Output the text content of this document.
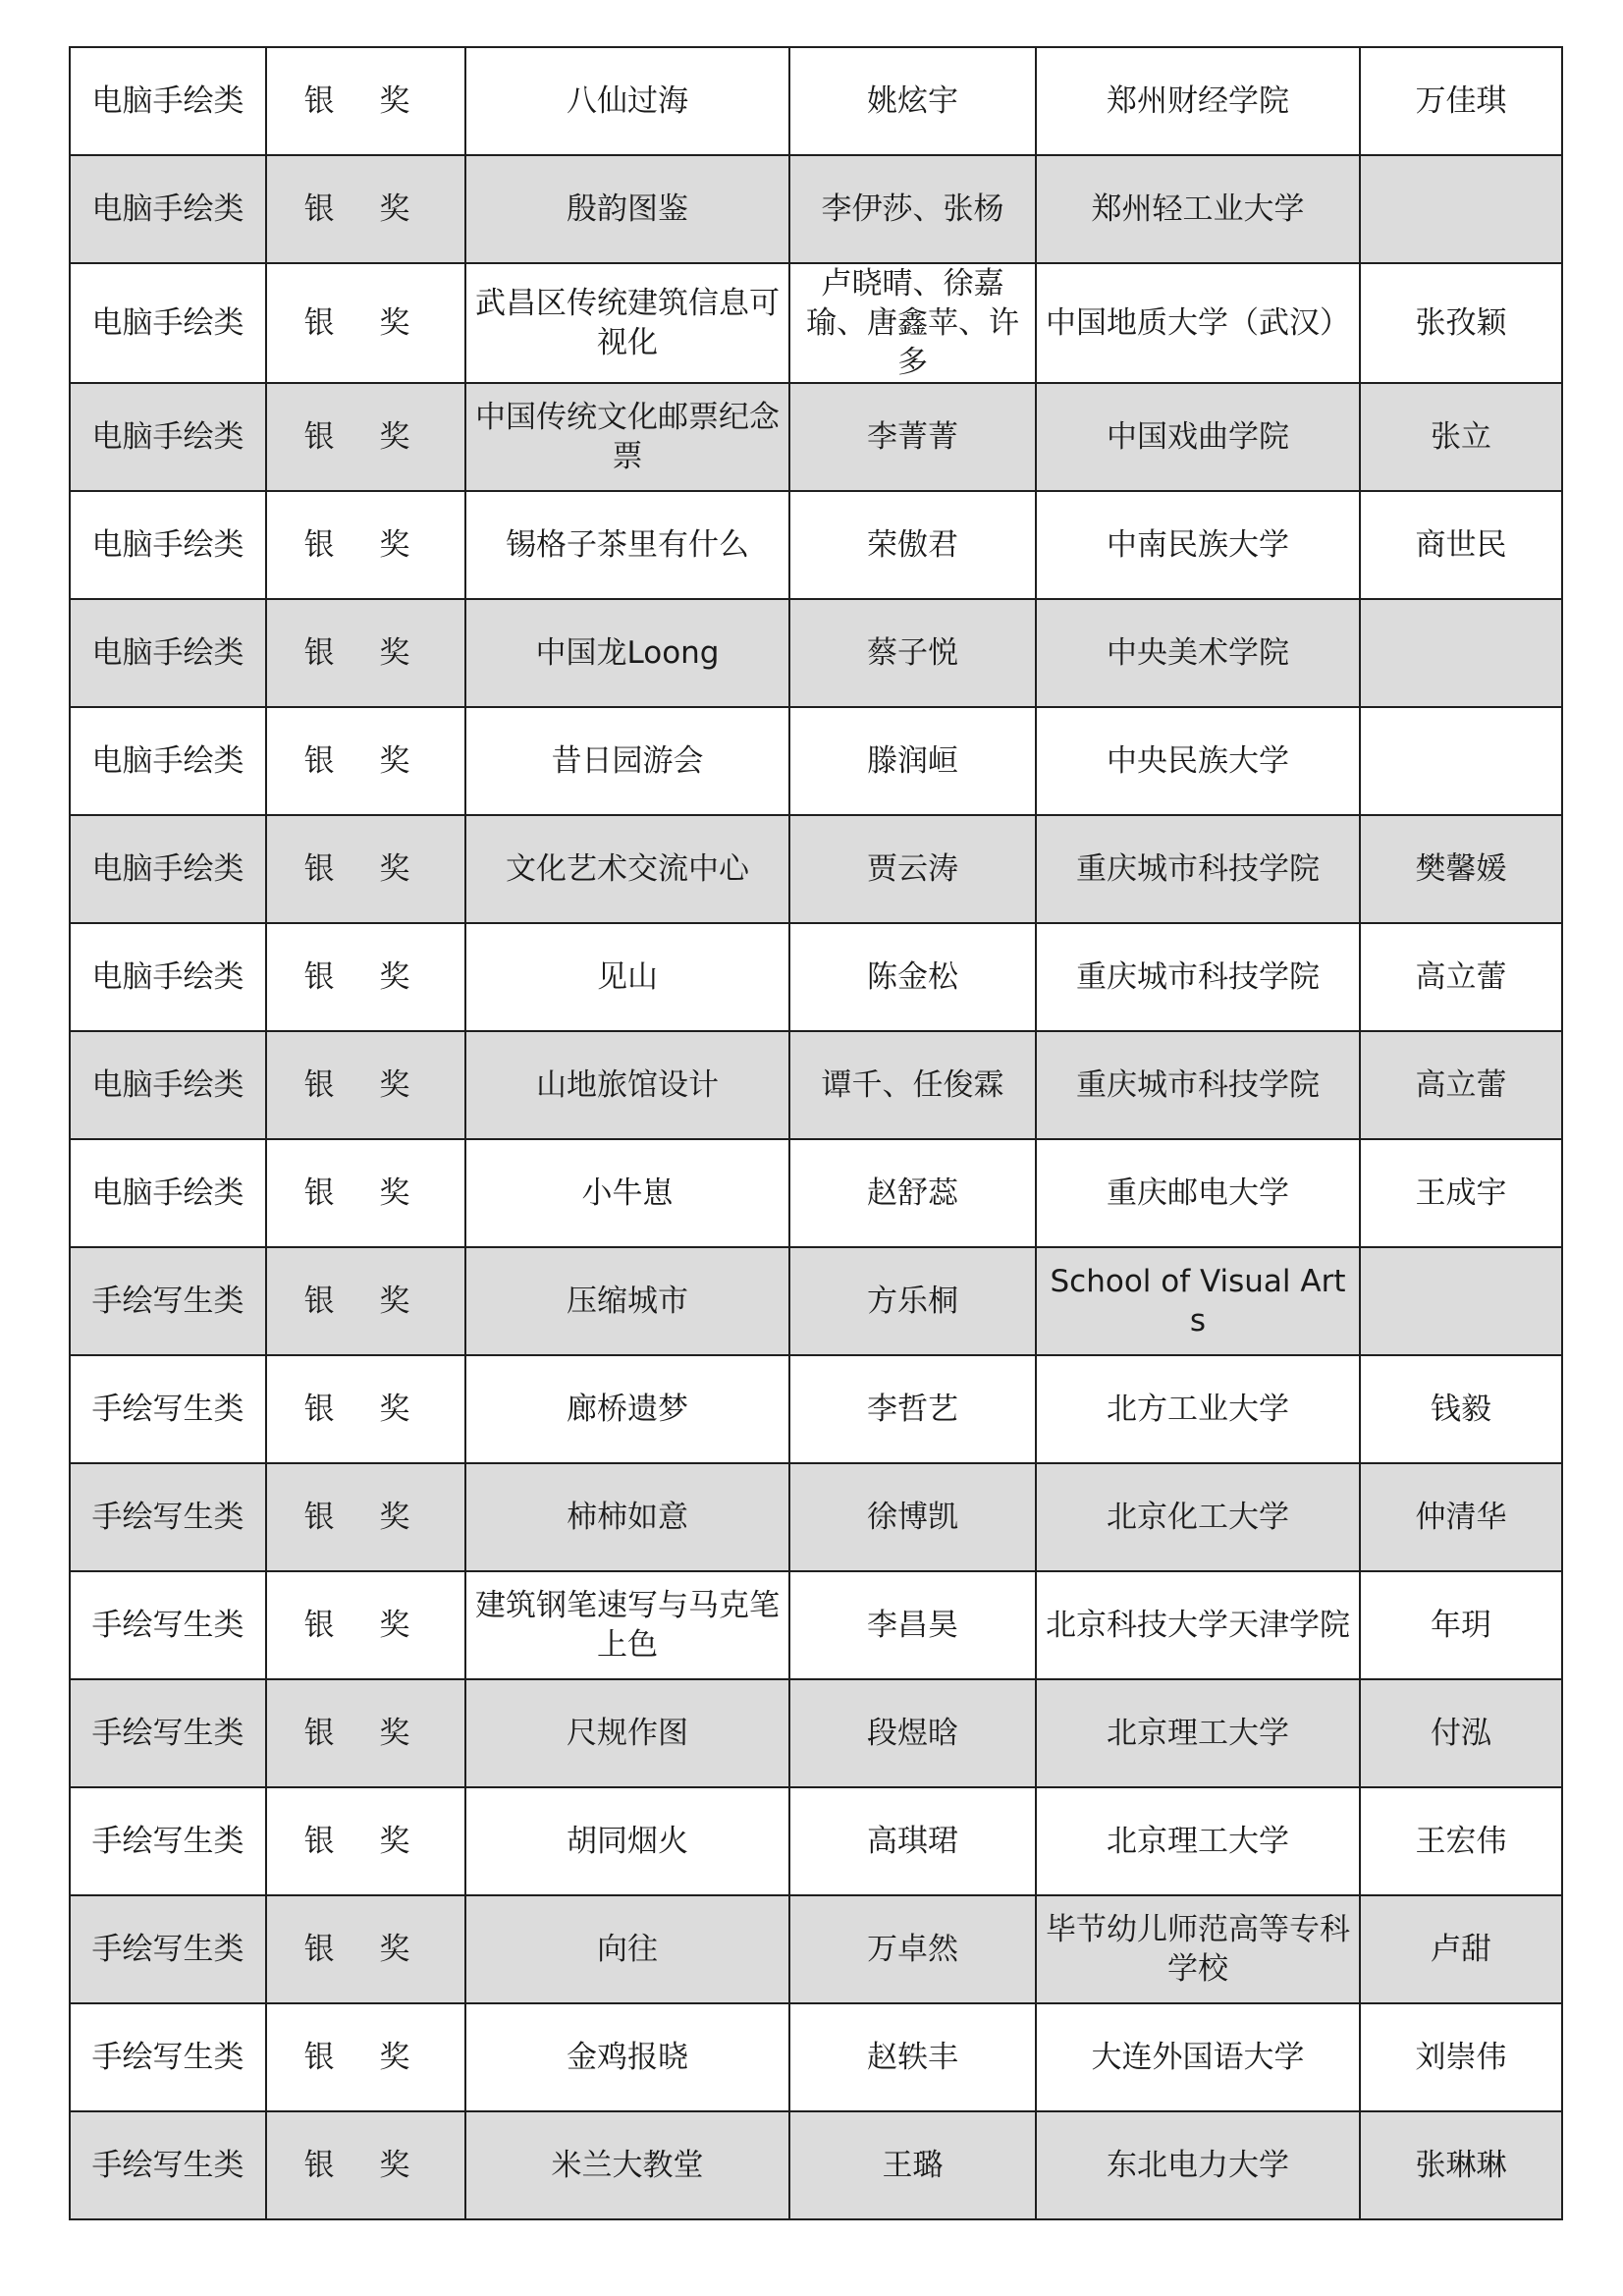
电脑手绘类	银 奖	八仙过海	姚炫宇	郑州财经学院	万佳琪
电脑手绘类	银 奖	殷韵图鉴	李伊莎、张杨	郑州轻工业大学	
电脑手绘类	银 奖	武昌区传统建筑信息可视化	卢晓晴、徐嘉瑜、唐鑫苹、许多	中国地质大学（武汉）	张孜颖
电脑手绘类	银 奖	中国传统文化邮票纪念票	李菁菁	中国戏曲学院	张立
电脑手绘类	银 奖	锡格子茶里有什么	荣傲君	中南民族大学	商世民
电脑手绘类	银 奖	中国龙Loong	蔡子悦	中央美术学院	
电脑手绘类	银 奖	昔日园游会	滕润峘	中央民族大学	
电脑手绘类	银 奖	文化艺术交流中心	贾云涛	重庆城市科技学院	樊馨媛
电脑手绘类	银 奖	见山	陈金松	重庆城市科技学院	高立蕾
电脑手绘类	银 奖	山地旅馆设计	谭千、任俊霖	重庆城市科技学院	高立蕾
电脑手绘类	银 奖	小牛崽	赵舒蕊	重庆邮电大学	王成宇
手绘写生类	银 奖	压缩城市	方乐桐	School of Visual Arts	
手绘写生类	银 奖	廊桥遗梦	李哲艺	北方工业大学	钱毅
手绘写生类	银 奖	柿柿如意	徐博凯	北京化工大学	仲清华
手绘写生类	银 奖	建筑钢笔速写与马克笔上色	李昌昊	北京科技大学天津学院	年玥
手绘写生类	银 奖	尺规作图	段煜晗	北京理工大学	付泓
手绘写生类	银 奖	胡同烟火	高琪珺	北京理工大学	王宏伟
手绘写生类	银 奖	向往	万卓然	毕节幼儿师范高等专科学校	卢甜
手绘写生类	银 奖	金鸡报晓	赵轶丰	大连外国语大学	刘崇伟
手绘写生类	银 奖	米兰大教堂	王璐	东北电力大学	张琳琳
